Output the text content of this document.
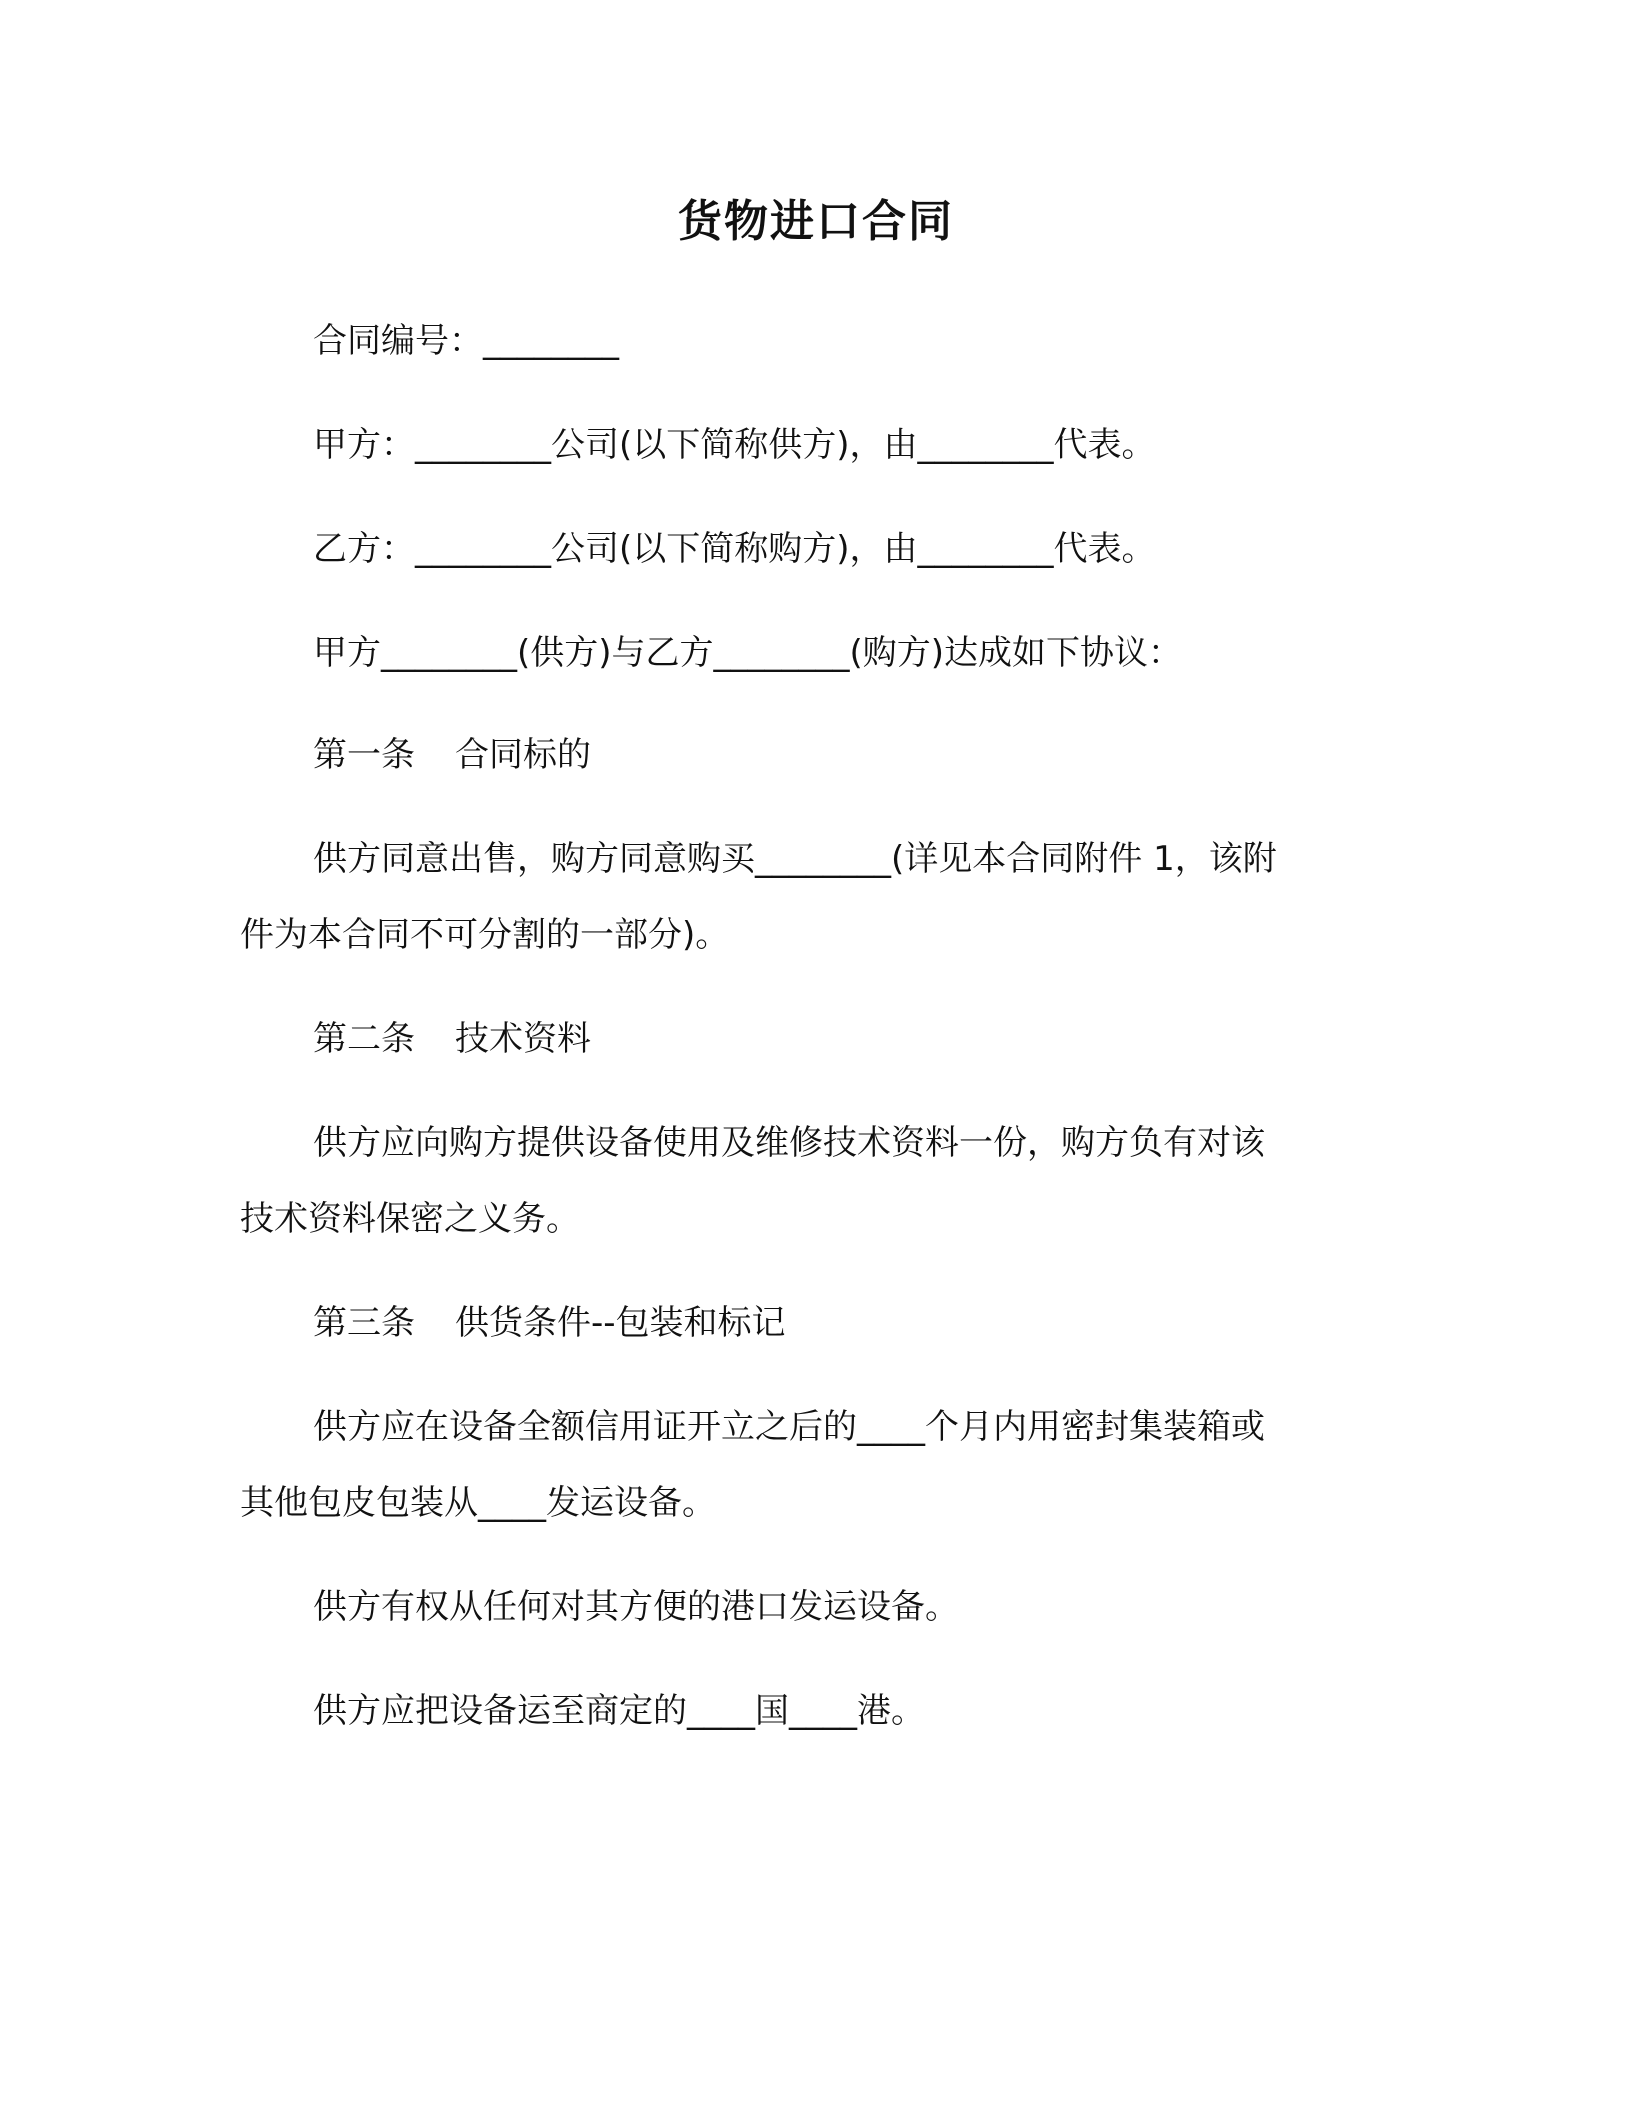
货物进口合同
合同编号：________
甲方：________公司(以下简称供方)，由________代表。
乙方：________公司(以下简称购方)，由________代表。
甲方________(供方)与乙方________(购方)达成如下协议：
第一条 合同标的
供方同意出售，购方同意购买________(详见本合同附件 1，该附
件为本合同不可分割的一部分)。
第二条 技术资料
供方应向购方提供设备使用及维修技术资料一份，购方负有对该
技术资料保密之义务。
第三条 供货条件--包装和标记
供方应在设备全额信用证开立之后的____个月内用密封集装箱或
其他包皮包装从____发运设备。
供方有权从任何对其方便的港口发运设备。
供方应把设备运至商定的____国____港。
